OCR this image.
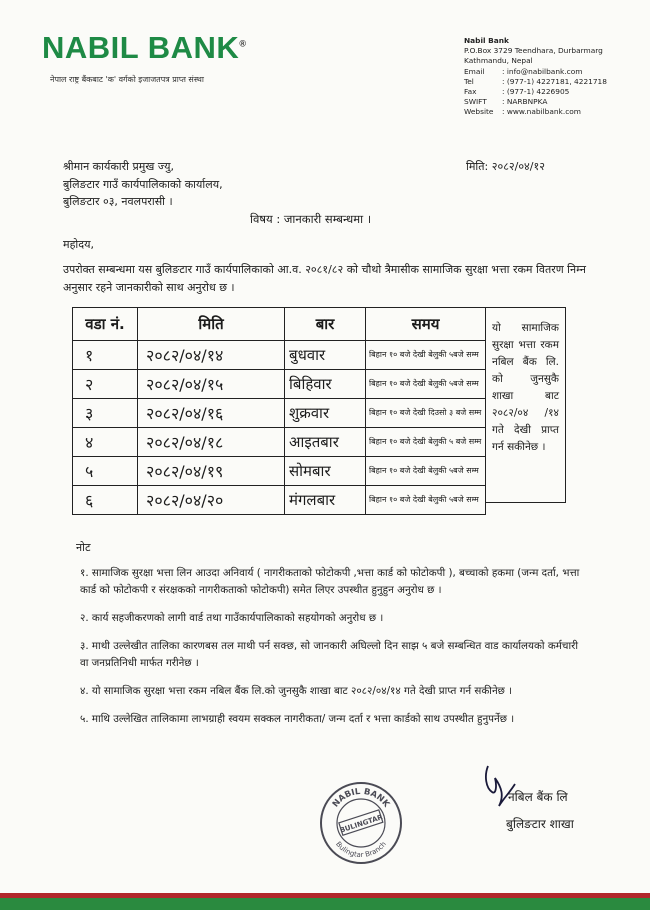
NABIL BANK®
नेपाल राष्ट्र बैंकबाट 'क' वर्गको इजाजतपत्र प्राप्त संस्था
Nabil Bank
P.O.Box 3729 Teendhara, Durbarmarg
Kathmandu, Nepal
Email	: info@nabilbank.com
Tel	: (977-1) 4227181, 4221718
Fax	: (977-1) 4226905
SWIFT	: NARBNPKA
Website	: www.nabilbank.com
श्रीमान कार्यकारी प्रमुख ज्यु,
बुलिङटार गाउँ कार्यपालिकाको कार्यालय,
बुलिङटार ०३, नवलपरासी ।
मिति: २०८२/०४/१२
विषय : जानकारी सम्बन्धमा ।
महोदय,
उपरोक्त सम्बन्धमा यस बुलिङटार गाउँ कार्यपालिकाको आ.व. २०८१/८२ को चौथो त्रैमासीक सामाजिक सुरक्षा भत्ता रकम वितरण निम्न अनुसार रहने जानकारीको साथ अनुरोध छ ।
वडा नं.	मिति	बार	समय
१	२०८२/०४/१४	बुधवार	बिहान १० बजे देखी बेलुकी ५बजे सम्म
२	२०८२/०४/१५	बिहिवार	बिहान १० बजे देखी बेलुकी ५बजे सम्म
३	२०८२/०४/१६	शुक्रवार	बिहान १० बजे देखी दिउसो ३ बजे सम्म
४	२०८२/०४/१८	आइतबार	बिहान १० बजे देखी बेलुकी ५ बजे सम्म
५	२०८२/०४/१९	सोमबार	बिहान १० बजे देखी बेलुकी ५बजे सम्म
६	२०८२/०४/२०	मंगलबार	बिहान १० बजे देखी बेलुकी ५बजे सम्म
यो सामाजिक सुरक्षा भत्ता रकम नबिल बैंक लि. को जुनसुकै शाखा बाट २०८२/०४ /१४ गते देखी प्राप्त गर्न सकीनेछ ।
नोट

१. सामाजिक सुरक्षा भत्ता लिन आउदा अनिवार्य ( नागरीकताको फोटोकपी ,भत्ता कार्ड को फोटोकपी ), बच्चाको हकमा (जन्म दर्ता, भत्ता कार्ड को फोटोकपी र संरक्षकको नागरीकताको फोटोकपी) समेत लिएर उपस्थीत हुनुहुन अनुरोध छ ।

२. कार्य सहजीकरणको लागी वार्ड तथा गाउँकार्यपालिकाको सहयोगको अनुरोध छ ।

३. माथी उल्लेखीत तालिका कारणबस तल माथी पर्न सक्छ, सो जानकारी अघिल्लो दिन साझ ५ बजे सम्बन्धित वाड कार्यालयको कर्मचारी वा जनप्रतिनिधी मार्फत गरीनेछ ।

४. यो सामाजिक सुरक्षा भत्ता रकम नबिल बैंक लि.को जुनसुकै शाखा बाट २०८२/०४/१४ गते देखी प्राप्त गर्न सकीनेछ ।

५. माथि उल्लेखित तालिकामा लाभग्राही स्वयम सक्कल नागरीकता/ जन्म दर्ता र भत्ता कार्डको साथ उपस्थीत हुनुपर्नेछ ।

NABIL BANK
BULINGTAR
Bulingtar Branch
नबिल बैंक लि
बुलिङटार शाखा
